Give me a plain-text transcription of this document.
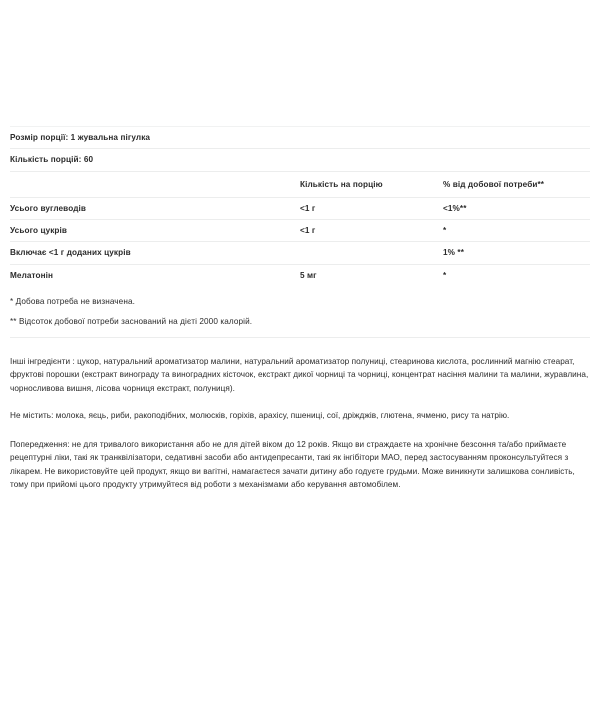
Розмір порції: 1 жувальна пігулка		
Кількість порцій: 60		
	Кількість на порцію	% від добової потреби**
Усього вуглеводів	<1 г	<1%**
Усього цукрів	<1 г	*
Включає <1 г доданих цукрів		1% **
Мелатонін	5 мг	*
* Добова потреба не визначена.
** Відсоток добової потреби заснований на дієті 2000 калорій.
Інші інгредієнти : цукор, натуральний ароматизатор малини, натуральний ароматизатор полуниці, стеаринова кислота, рослинний магнію стеарат, фруктові порошки (екстракт винограду та виноградних кісточок, екстракт дикої чорниці та чорниці, концентрат насіння малини та малини, журавлина, чорносливова вишня, лісова чорниця екстракт, полуниця).
Не містить: молока, яєць, риби, ракоподібних, молюсків, горіхів, арахісу, пшениці, сої, дріжджів, глютена, ячменю, рису та натрію.
Попередження: не для тривалого використання або не для дітей віком до 12 років. Якщо ви страждаєте на хронічне безсоння та/або приймаєте рецептурні ліки, такі як транквілізатори, седативні засоби або антидепресанти, такі як інгібітори МАО, перед застосуванням проконсультуйтеся з лікарем. Не використовуйте цей продукт, якщо ви вагітні, намагаєтеся зачати дитину або годуєте грудьми. Може виникнути залишкова сонливість, тому при прийомі цього продукту утримуйтеся від роботи з механізмами або керування автомобілем.
